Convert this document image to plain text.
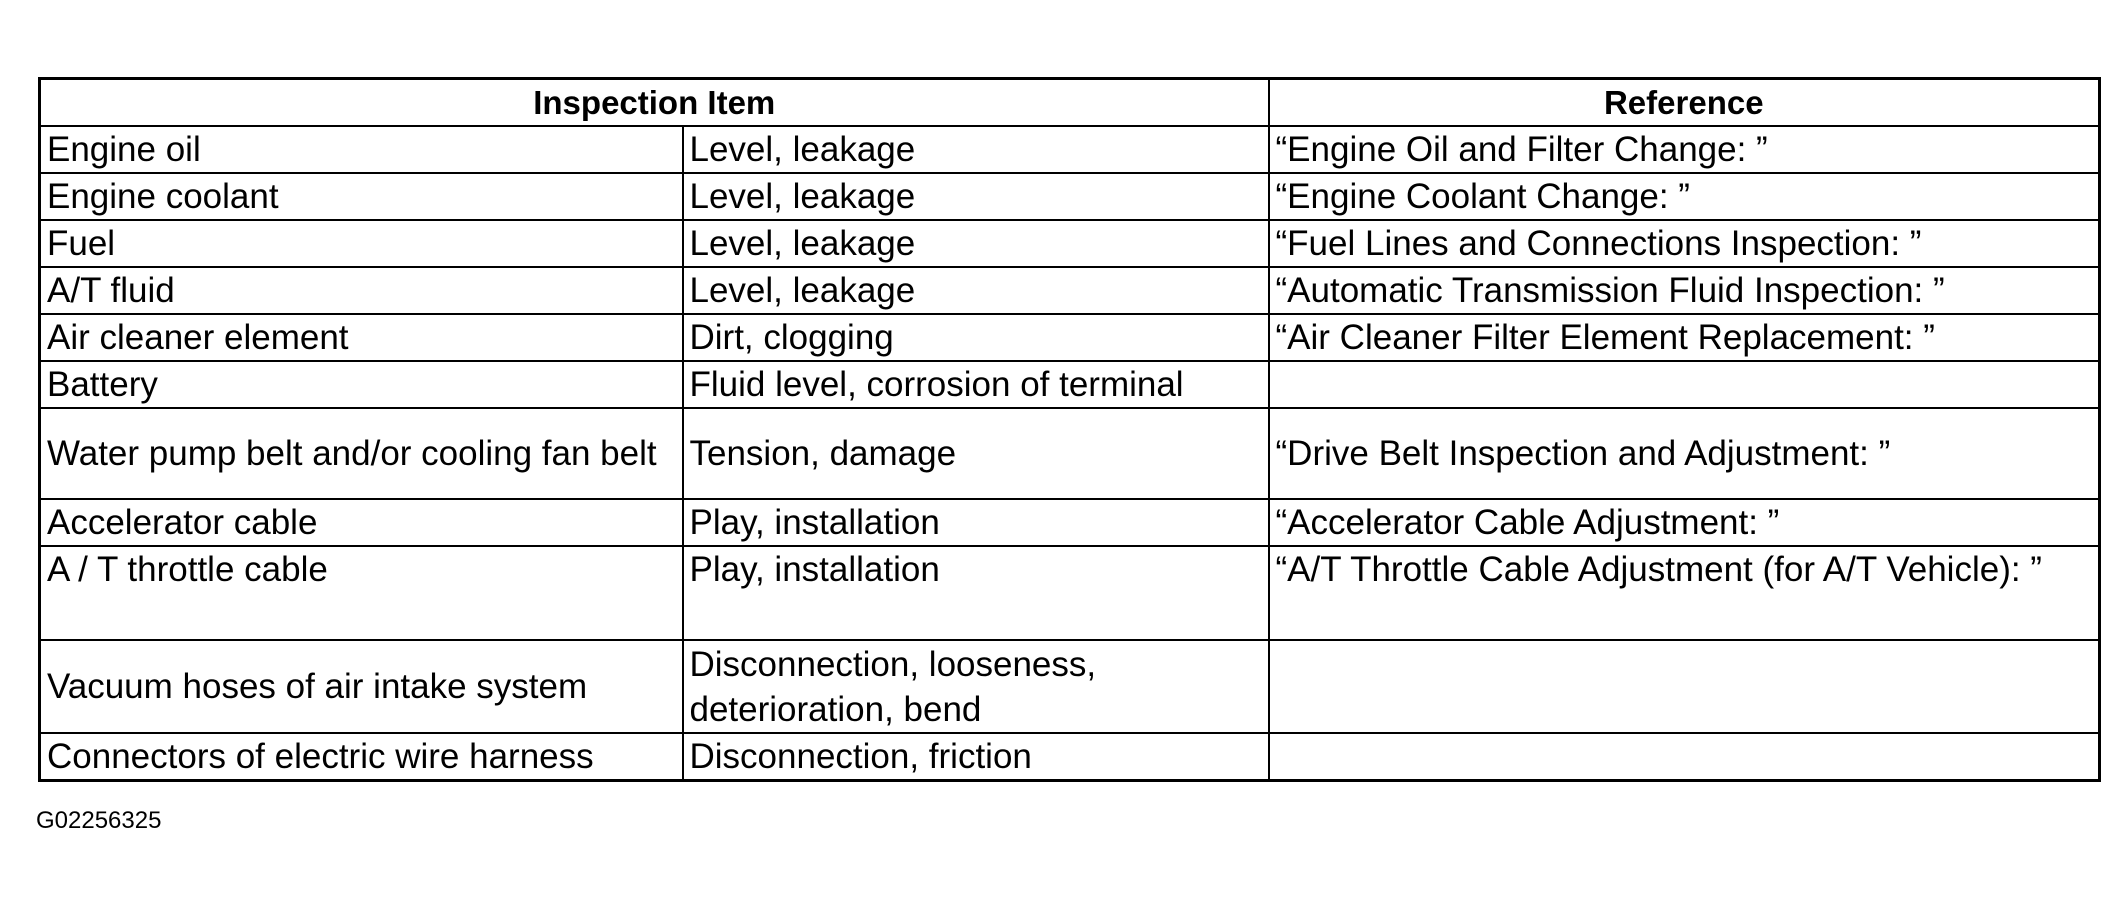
Inspection Item		Reference
Engine oil	Level, leakage	“Engine Oil and Filter Change: ”
Engine coolant	Level, leakage	“Engine Coolant Change: ”
Fuel	Level, leakage	“Fuel Lines and Connections Inspection: ”
A/T fluid	Level, leakage	“Automatic Transmission Fluid Inspection: ”
Air cleaner element	Dirt, clogging	“Air Cleaner Filter Element Replacement: ”
Battery	Fluid level, corrosion of terminal	
Water pump belt and/or cooling fan belt	Tension, damage	“Drive Belt Inspection and Adjustment: ”
Accelerator cable	Play, installation	“Accelerator Cable Adjustment: ”
A / T throttle cable	Play, installation	“A/T Throttle Cable Adjustment (for A/T Vehicle): ”
Vacuum hoses of air intake system	Disconnection, looseness, deterioration, bend	
Connectors of electric wire harness	Disconnection, friction	
G02256325
